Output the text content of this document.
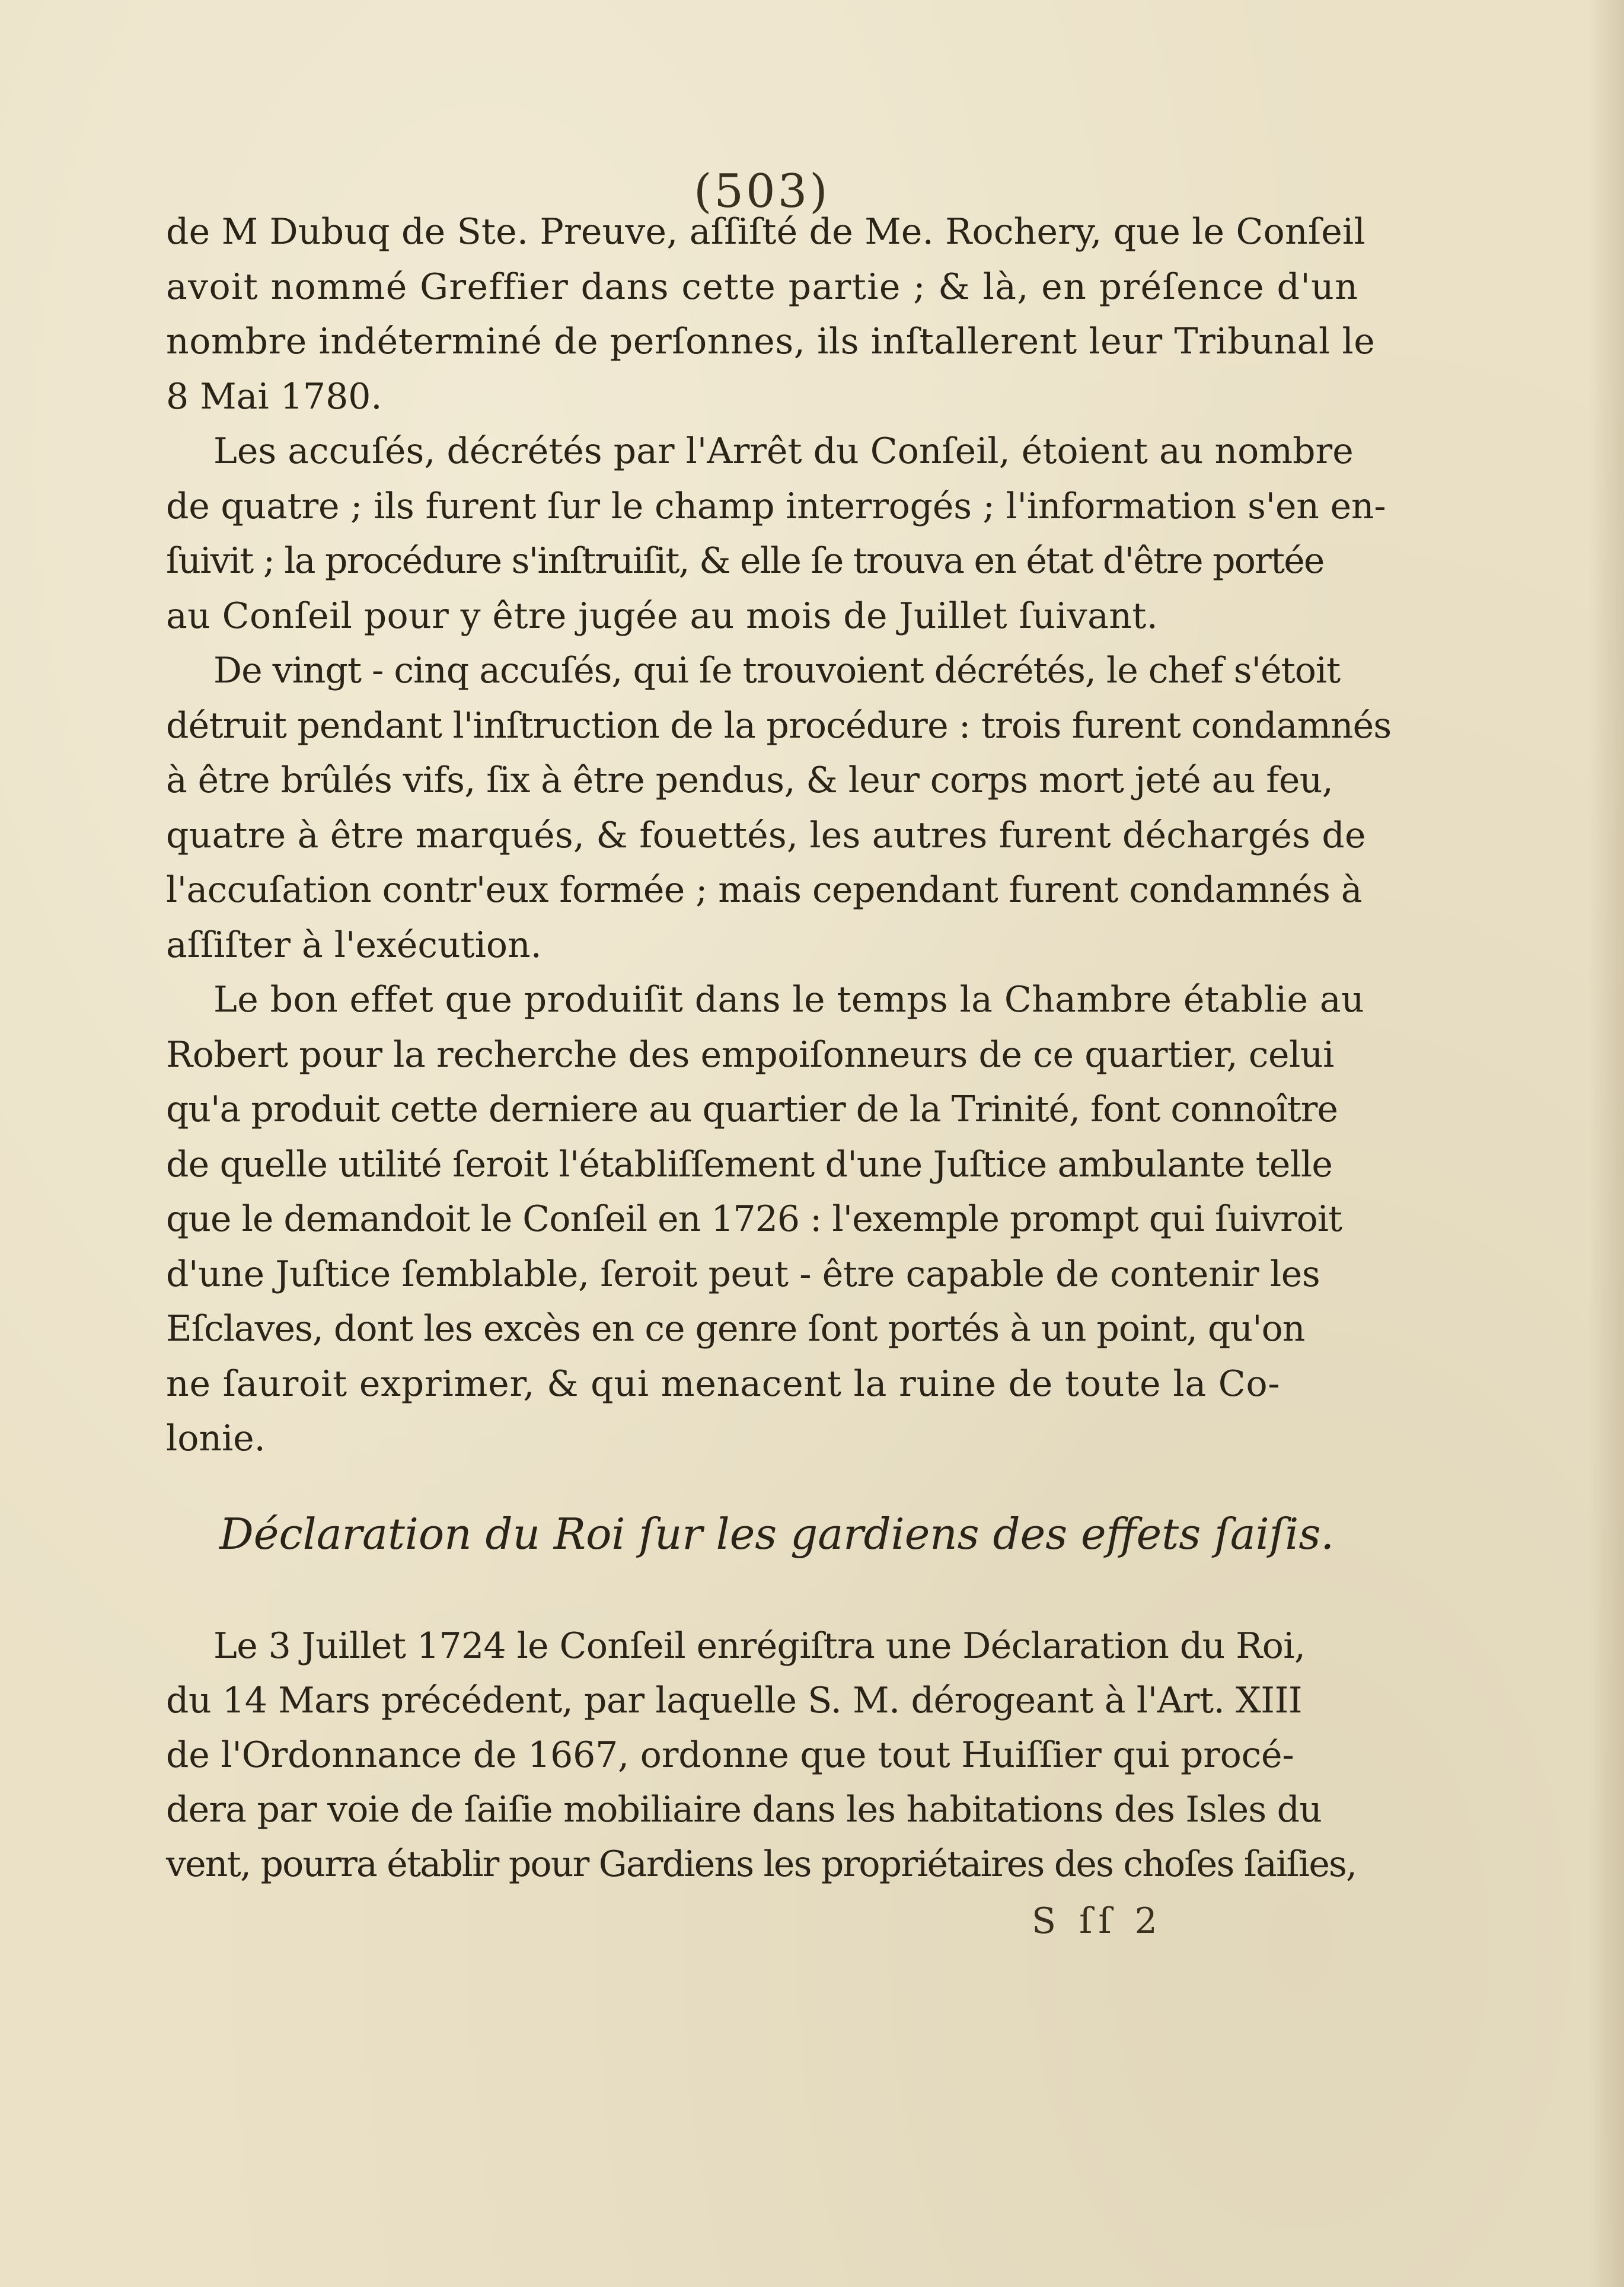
(503)
de M Dubuq de Ste. Preuve, aſſiſté de Me. Rochery, que le Conſeil
avoit nommé Greffier dans cette partie ; & là, en préſence d'un
nombre indéterminé de perſonnes, ils inſtallerent leur Tribunal le
8 Mai 1780.
Les accuſés, décrétés par l'Arrêt du Conſeil, étoient au nombre
de quatre ; ils furent ſur le champ interrogés ; l'information s'en en-
ſuivit ; la procédure s'inſtruiſit, & elle ſe trouva en état d'être portée
au Conſeil pour y être jugée au mois de Juillet ſuivant.
De vingt - cinq accuſés, qui ſe trouvoient décrétés, le chef s'étoit
détruit pendant l'inſtruction de la procédure : trois furent condamnés
à être brûlés vifs, ſix à être pendus, & leur corps mort jeté au feu,
quatre à être marqués, & fouettés, les autres furent déchargés de
l'accuſation contr'eux formée ; mais cependant furent condamnés à
aſſiſter à l'exécution.
Le bon effet que produiſit dans le temps la Chambre établie au
Robert pour la recherche des empoiſonneurs de ce quartier, celui
qu'a produit cette derniere au quartier de la Trinité, font connoître
de quelle utilité ſeroit l'établiſſement d'une Juſtice ambulante telle
que le demandoit le Conſeil en 1726 : l'exemple prompt qui ſuivroit
d'une Juſtice ſemblable, ſeroit peut - être capable de contenir les
Eſclaves, dont les excès en ce genre ſont portés à un point, qu'on
ne ſauroit exprimer, & qui menacent la ruine de toute la Co-
lonie.
Déclaration du Roi ſur les gardiens des effets ſaiſis.
Le 3 Juillet 1724 le Conſeil enrégiſtra une Déclaration du Roi,
du 14 Mars précédent, par laquelle S. M. dérogeant à l'Art. XIII
de l'Ordonnance de 1667, ordonne que tout Huiſſier qui procé-
dera par voie de ſaiſie mobiliaire dans les habitations des Isles du
vent, pourra établir pour Gardiens les propriétaires des choſes ſaiſies,
S ſſ 2
